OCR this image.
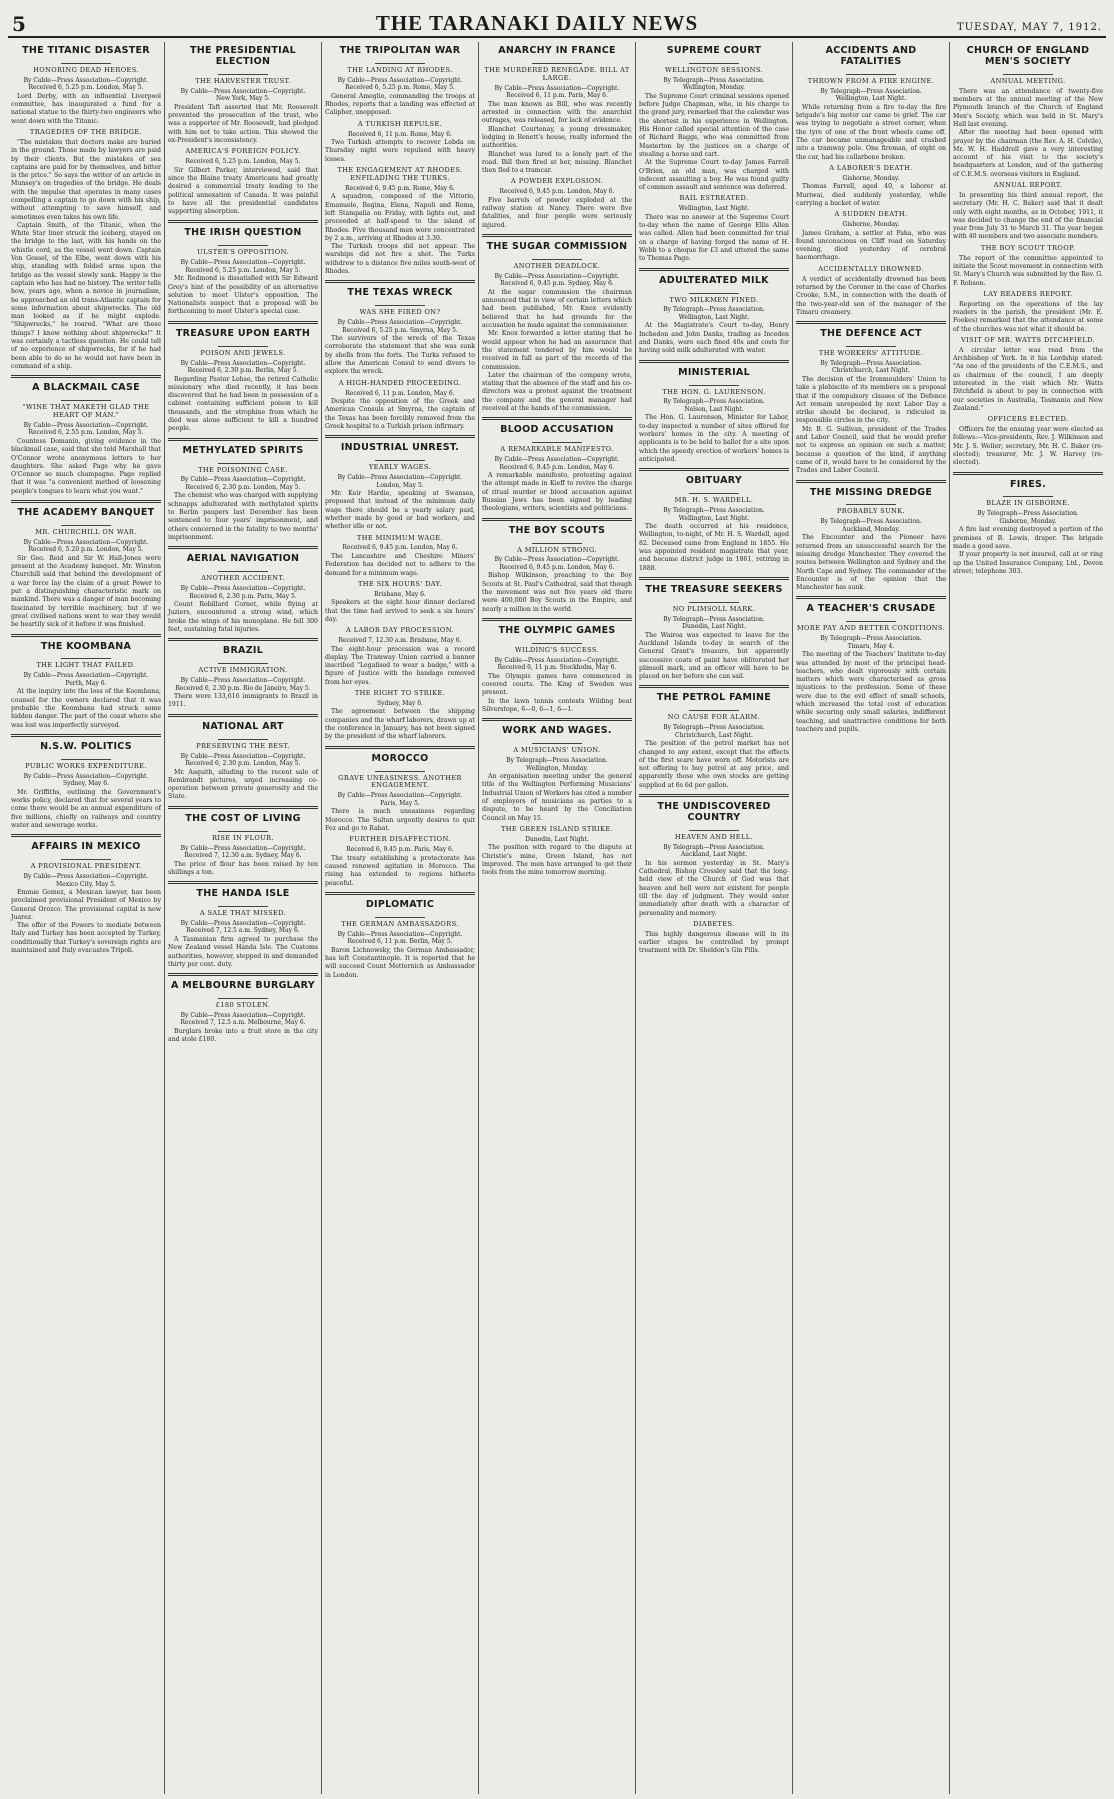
5	THE TARANAKI DAILY NEWS	TUESDAY, MAY 7, 1912.
THE TITANIC DISASTER
HONORING DEAD HEROES.
By Cable—Press Association—Copyright.
Received 6, 5.25 p.m. London, May 5.

Lord Derby, with an influential Liverpool committee, has inaugurated a fund for a national statue to the thirty-two engineers who went down with the Titanic.

TRAGEDIES OF THE BRIDGE.

"The mistakes that doctors make are buried in the ground. Those made by lawyers are paid by their clients. But the mistakes of sea captains are paid for by themselves, and bitter is the price." So says the writer of an article in Munsey's on tragedies of the bridge. He deals with the impulse that operates in many cases compelling a captain to go down with his ship, without attempting to save himself, and sometimes even takes his own life.

Captain Smith, of the Titanic, when the White Star liner struck the iceberg, stayed on the bridge to the last, with his hands on the whistle cord, as the vessel went down. Captain Von Gossel, of the Elbe, went down with his ship, standing with folded arms upon the bridge as the vessel slowly sank. Happy is the captain who has had no history. The writer tells how, years ago, when a novice in journalism, he approached an old trans-Atlantic captain for some information about shipwrecks. The old man looked as if he might explode. "Shipwrecks," he roared. "What are these things? I know nothing about shipwrecks!" It was certainly a tactless question. He could tell of no experience of shipwrecks, for if he had been able to do so he would not have been in command of a ship.

A BLACKMAIL CASE
"WINE THAT MAKETH GLAD THE HEART OF MAN."
By Cable—Press Association—Copyright.
Received 6, 2.55 p.m. London, May 5.

Countess Domanin, giving evidence in the blackmail case, said that she told Marshall that O'Connor wrote anonymous letters to her daughters. She asked Page why he gave O'Connor so much champagne. Page replied that it was "a convenient method of loosening people's tongues to learn what you want."

THE ACADEMY BANQUET
MR. CHURCHILL ON WAR.
By Cable—Press Association—Copyright.
Received 6, 5.20 p.m. London, May 5.

Sir Geo. Reid and Sir W. Hall-Jones were present at the Academy banquet. Mr. Winston Churchill said that behind the development of a war force lay the claim of a great Power to put a distinguishing characteristic mark on mankind. There was a danger of man becoming fascinated by terrible machinery, but if we great civilised nations went to war they would be heartily sick of it before it was finished.

THE KOOMBANA
THE LIGHT THAT FAILED.
By Cable—Press Association—Copyright.
Perth, May 6.

At the inquiry into the loss of the Koombana, counsel for the owners declared that it was probable the Koombana had struck some hidden danger. The part of the coast where she was lost was imperfectly surveyed.

N.S.W. POLITICS
PUBLIC WORKS EXPENDITURE.
By Cable—Press Association—Copyright.
Sydney, May 6.

Mr. Griffiths, outlining the Government's works policy, declared that for several years to come there would be an annual expenditure of five millions, chiefly on railways and country water and sewerage works.

AFFAIRS IN MEXICO
A PROVISIONAL PRESIDENT.
By Cable—Press Association—Copyright.
Mexico City, May 5.

Emmie Gomez, a Mexican lawyer, has been proclaimed provisional President of Mexico by General Orozco. The provisional capital is now Juarez.

The offer of the Powers to mediate between Italy and Turkey has been accepted by Turkey, conditionally that Turkey's sovereign rights are maintained and Italy evacuates Tripoli.

THE PRESIDENTIAL ELECTION
THE HARVESTER TRUST.
By Cable—Press Association—Copyright.
New York, May 5.

President Taft asserted that Mr. Roosevelt prevented the prosecution of the trust, who was a supporter of Mr. Roosevelt, had pledged with him not to take action. This showed the ex-President's inconsistency.

AMERICA'S FOREIGN POLICY.
Received 6, 5.25 p.m. London, May 5.

Sir Gilbert Parker, interviewed, said that since the Blaine treaty Americans had greatly desired a commercial treaty leading to the political annexation of Canada. It was painful to have all the presidential candidates supporting absorption.

THE IRISH QUESTION
ULSTER'S OPPOSITION.
By Cable—Press Association—Copyright.
Received 6, 5.25 p.m. London, May 5.

Mr. Redmond is dissatisfied with Sir Edward Grey's hint of the possibility of an alternative solution to meet Ulster's opposition. The Nationalists suspect that a proposal will be forthcoming to meet Ulster's special case.

TREASURE UPON EARTH
POISON AND JEWELS.
By Cable—Press Association—Copyright.
Received 6, 2.30 p.m. Berlin, May 5.

Regarding Pastor Lohse, the retired Catholic missionary who died recently, it has been discovered that he had been in possession of a cabinet containing sufficient poison to kill thousands, and the strophine from which he died was alone sufficient to kill a hundred people.

METHYLATED SPIRITS
THE POISONING CASE.
By Cable—Press Association—Copyright.
Received 6, 2.30 p.m. London, May 5.

The chemist who was charged with supplying schnapps adulterated with methylated spirits to Berlin paupers last December has been sentenced to four years' imprisonment, and others concerned in the fatality to two months' imprisonment.

AERIAL NAVIGATION
ANOTHER ACCIDENT.
By Cable—Press Association—Copyright.
Received 6, 2.30 p.m. Paris, May 5.

Count Robillard Cornet, while flying at Juziers, encountered a strong wind, which broke the wings of his monoplane. He fell 300 feet, sustaining fatal injuries.

BRAZIL
ACTIVE IMMIGRATION.
By Cable—Press Association—Copyright.
Received 6, 2.30 p.m. Rio de Janeiro, May 5.

There were 133,616 immigrants to Brazil in 1911.

NATIONAL ART
PRESERVING THE BEST.
By Cable—Press Association—Copyright.
Received 6, 2.30 p.m. London, May 5.

Mr. Asquith, alluding to the recent sale of Rembrandt pictures, urged increasing co-operation between private generosity and the State.

THE COST OF LIVING
RISE IN FLOUR.
By Cable—Press Association—Copyright.
Received 7, 12.30 a.m. Sydney, May 6.

The price of flour has been raised by ten shillings a ton.

THE HANDA ISLE
A SALE THAT MISSED.
By Cable—Press Association—Copyright.
Received 7, 12.5 a.m. Sydney, May 6.

A Tasmanian firm agreed to purchase the New Zealand vessel Handa Isle. The Customs authorities, however, stepped in and demanded thirty per cent. duty.

A MELBOURNE BURGLARY
£180 STOLEN.
By Cable—Press Association—Copyright.
Received 7, 12.5 a.m. Melbourne, May 6.

Burglars broke into a fruit store in the city and stole £180.

THE TRIPOLITAN WAR
THE LANDING AT RHODES.
By Cable—Press Association—Copyright.
Received 6, 5.25 p.m. Rome, May 5.

General Ameglio, commanding the troops at Rhodes, reports that a landing was effected at Calipher, unopposed.

A TURKISH REPULSE.
Received 6, 11 p.m. Rome, May 6.

Two Turkish attempts to recover Lebda on Thursday night were repulsed with heavy losses.

THE ENGAGEMENT AT RHODES. ENFILADING THE TURKS.
Received 6, 9.45 p.m. Rome, May 6.

A squadron, composed of the Vittorio, Emanuele, Regina, Elena, Napoli and Roma, left Stampalia on Friday, with lights out, and proceeded at half-speed to the island of Rhodes. Five thousand men were concentrated by 2 a.m., arriving at Rhodes at 3.30.

The Turkish troops did not appear. The warships did not fire a shot. The Turks withdrew to a distance five miles south-west of Rhodes.

THE TEXAS WRECK
WAS SHE FIRED ON?
By Cable—Press Association—Copyright.
Received 6, 5.25 p.m. Smyrna, May 5.

The survivors of the wreck of the Texas corroborate the statement that she was sunk by shells from the forts. The Turks refused to allow the American Consul to send divers to explore the wreck.

A HIGH-HANDED PROCEEDING.
Received 6, 11 p.m. London, May 6.

Despite the opposition of the Greek and American Consuls at Smyrna, the captain of the Texas has been forcibly removed from the Greek hospital to a Turkish prison infirmary.

INDUSTRIAL UNREST.
YEARLY WAGES.
By Cable—Press Association—Copyright.
London, May 5.

Mr. Keir Hardie, speaking at Swansea, proposed that instead of the minimum daily wage there should be a yearly salary paid, whether made by good or bad workers, and whether idle or not.

THE MINIMUM WAGE.
Received 6, 9.45 p.m. London, May 6.

The Lancashire and Cheshire Miners' Federation has decided not to adhere to the demand for a minimum wage.

THE SIX HOURS' DAY.
Brisbane, May 6.

Speakers at the eight hour dinner declared that the time had arrived to seek a six hours' day.

A LABOR DAY PROCESSION.
Received 7, 12.30 a.m. Brisbane, May 6.

The eight-hour procession was a record display. The Tramway Union carried a banner inscribed "Legalised to wear a badge," with a figure of Justice with the bandage removed from her eyes.

THE RIGHT TO STRIKE.
Sydney, May 6.

The agreement between the shipping companies and the wharf laborers, drawn up at the conference in January, has not been signed by the president of the wharf laborers.

MOROCCO
GRAVE UNEASINESS. ANOTHER ENGAGEMENT.
By Cable—Press Association—Copyright.
Paris, May 5.

There is much uneasiness regarding Morocco. The Sultan urgently desires to quit Fez and go to Rabat.

FURTHER DISAFFECTION.
Received 6, 9.45 p.m. Paris, May 6.

The treaty establishing a protectorate has caused renewed agitation in Morocco. The rising has extended to regions hitherto peaceful.

DIPLOMATIC
THE GERMAN AMBASSADORS.
By Cable—Press Association—Copyright.
Received 6, 11 p.m. Berlin, May 5.

Baron Lichnowsky, the German Ambassador, has left Constantinople. It is reported that he will succeed Count Metternich as Ambassador in London.

ANARCHY IN FRANCE
THE MURDERED RENEGADE. BILL AT LARGE.
By Cable—Press Association—Copyright.
Received 6, 11 p.m. Paris, May 6.

The man known as Bill, who was recently arrested in connection with the anarchist outrages, was released, for lack of evidence.

Blanchet Courtenay, a young dressmaker, lodging in Renett's house, really informed the authorities.

Blanchet was lured to a lonely part of the road. Bill then fired at her, missing. Blanchet then fled to a tramcar.

A POWDER EXPLOSION.
Received 6, 9.45 p.m. London, May 6.

Five barrels of powder exploded at the railway station at Nancy. There were five fatalities, and four people were seriously injured.

THE SUGAR COMMISSION
ANOTHER DEADLOCK.
By Cable—Press Association—Copyright.
Received 6, 9.45 p.m. Sydney, May 6.

At the sugar commission the chairman announced that in view of certain letters which had been published, Mr. Knox evidently believed that he had grounds for the accusation he made against the commissioner.

Mr. Knox forwarded a letter stating that he would appear when he had an assurance that the statement tendered by him would be received in full as part of the records of the commission.

Later the chairman of the company wrote, stating that the absence of the staff and his co-directors was a protest against the treatment the company and the general manager had received at the hands of the commission.

BLOOD ACCUSATION
A REMARKABLE MANIFESTO.
By Cable—Press Association—Copyright.
Received 6, 9.45 p.m. London, May 6.

A remarkable manifesto, protesting against the attempt made in Kieff to revive the charge of ritual murder or blood accusation against Russian Jews has been signed by leading theologians, writers, scientists and politicians.

THE BOY SCOUTS
A MILLION STRONG.
By Cable—Press Association—Copyright.
Received 6, 9.45 p.m. London, May 6.

Bishop Wilkinson, preaching to the Boy Scouts at St. Paul's Cathedral, said that though the movement was not five years old there were 400,000 Boy Scouts in the Empire, and nearly a million in the world.

THE OLYMPIC GAMES
WILDING'S SUCCESS.
By Cable—Press Association—Copyright.
Received 6, 11 p.m. Stockholm, May 6.

The Olympic games have commenced in covered courts. The King of Sweden was present.

In the lawn tennis contests Wilding beat Silverstope, 6—0, 6—1, 6—1.

WORK AND WAGES.
A MUSICIANS' UNION.
By Telegraph—Press Association.
Wellington, Monday.

An organisation meeting under the general title of the Wellington Performing Musicians' Industrial Union of Workers has cited a number of employers of musicians as parties to a dispute, to be heard by the Conciliation Council on May 15.

THE GREEN ISLAND STRIKE.
Dunedin, Last Night.

The position with regard to the dispute at Christie's mine, Green Island, has not improved. The men have arranged to get their tools from the mine tomorrow morning.

SUPREME COURT
WELLINGTON SESSIONS.
By Telegraph—Press Association.
Wellington, Monday.

The Supreme Court criminal sessions opened before Judge Chapman, who, in his charge to the grand jury, remarked that the calendar was the shortest in his experience in Wellington. His Honor called special attention of the case of Richard Baggs, who was committed from Masterton by the justices on a charge of stealing a horse and cart.

At the Supreme Court to-day James Farrell O'Brien, an old man, was charged with indecent assaulting a boy. He was found guilty of common assault and sentence was deferred.

BAIL ESTREATED.
Wellington, Last Night.

There was no answer at the Supreme Court to-day when the name of George Ellis Allen was called. Allen had been committed for trial on a charge of having forged the name of H. Webb to a cheque for £3 and uttered the same to Thomas Page.

ADULTERATED MILK
TWO MILKMEN FINED.
By Telegraph—Press Association.
Wellington, Last Night.

At the Magistrate's Court to-day, Henry Inchedon and John Danks, trading as Inceden and Danks, were each fined 40s and costs for having sold milk adulterated with water.

MINISTERIAL
THE HON. G. LAURENSON.
By Telegraph—Press Association.
Nelson, Last Night.

The Hon. G. Laurenson, Minister for Labor, to-day inspected a number of sites offered for workers' homes in the city. A meeting of applicants is to be held to ballot for a site upon which the speedy erection of workers' homes is anticipated.

OBITUARY
MR. H. S. WARDELL.
By Telegraph—Press Association.
Wellington, Last Night.

The death occurred at his residence, Wellington, to-night, of Mr. H. S. Wardell, aged 82. Deceased came from England in 1855. He was appointed resident magistrate that year, and became district judge in 1861, retiring in 1888.

THE TREASURE SEEKERS
NO PLIMSOLL MARK.
By Telegraph—Press Association.
Dunedin, Last Night.

The Wairoa was expected to leave for the Auckland Islands to-day in search of the General Grant's treasure, but apparently successive coats of paint have obliterated her plimsoll mark, and an officer will have to be placed on her before she can sail.

THE PETROL FAMINE
NO CAUSE FOR ALARM.
By Telegraph—Press Association.
Christchurch, Last Night.

The position of the petrol market has not changed to any extent, except that the effects of the first scare have worn off. Motorists are not offering to buy petrol at any price, and apparently those who own stocks are getting supplied at 6s 6d per gallon.

THE UNDISCOVERED COUNTRY
HEAVEN AND HELL.
By Telegraph—Press Association.
Auckland, Last Night.

In his sermon yesterday in St. Mary's Cathedral, Bishop Crossley said that the long-held view of the Church of God was that heaven and hell were not existent for people till the day of judgment. They would enter immediately after death with a character of personality and memory.

DIABETES.

This highly dangerous disease will in its earlier stages be controlled by prompt treatment with Dr. Sheldon's Gin Pills.

ACCIDENTS AND FATALITIES
THROWN FROM A FIRE ENGINE.
By Telegraph—Press Association.
Wellington, Last Night.

While returning from a fire to-day the fire brigade's big motor car came to grief. The car was trying to negotiate a street corner, when the tyre of one of the front wheels came off. The car became unmanageable and crashed into a tramway pole. One fireman, of eight on the car, had his collarbone broken.

A LABORER'S DEATH.
Gisborne, Monday.

Thomas Farrell, aged 40, a laborer at Muriwai, died suddenly yesterday, while carrying a bucket of water.

A SUDDEN DEATH.
Gisborne, Monday.

James Graham, a settler at Paha, who was found unconscious on Cliff road on Saturday evening, died yesterday of cerebral haemorrhage.

ACCIDENTALLY DROWNED.

A verdict of accidentally drowned has been returned by the Coroner in the case of Charles Crooke, S.M., in connection with the death of the two-year-old son of the manager of the Timaru creamery.

THE DEFENCE ACT
THE WORKERS' ATTITUDE.
By Telegraph—Press Association.
Christchurch, Last Night.

The decision of the Ironmoulders' Union to take a plebiscite of its members on a proposal that if the compulsory clauses of the Defence Act remain unrepealed by next Labor Day a strike should be declared, is ridiculed in responsible circles in the city.

Mr. B. G. Sullivan, president of the Trades and Labor Council, said that he would prefer not to express an opinion on such a matter, because a question of the kind, if anything came of it, would have to be considered by the Trades and Labor Council.

THE MISSING DREDGE
PROBABLY SUNK.
By Telegraph—Press Association.
Auckland, Monday.

The Encounter and the Pioneer have returned from an unsuccessful search for the missing dredge Manchester. They covered the routes between Wellington and Sydney and the North Cape and Sydney. The commander of the Encounter is of the opinion that the Manchester has sunk.

A TEACHER'S CRUSADE
MORE PAY AND BETTER CONDITIONS.
By Telegraph—Press Association.
Timaru, May 4.

The meeting of the Teachers' Institute to-day was attended by most of the principal head-teachers, who dealt vigorously with certain matters which were characterised as gross injustices to the profession. Some of these were due to the evil effect of small schools, which increased the total cost of education while securing only small salaries, indifferent teaching, and unattractive conditions for both teachers and pupils.

CHURCH OF ENGLAND MEN'S SOCIETY
ANNUAL MEETING.

There was an attendance of twenty-five members at the annual meeting of the New Plymouth branch of the Church of England Men's Society, which was held in St. Mary's Hall last evening.

After the meeting had been opened with prayer by the chairman (the Rev. A. H. Colvile), Mr. W. H. Haddrell gave a very interesting account of his visit to the society's headquarters at London, and of the gathering of C.E.M.S. overseas visitors in England.

ANNUAL REPORT.

In presenting his third annual report, the secretary (Mr. H. C. Baker) said that it dealt only with eight months, as in October, 1911, it was decided to change the end of the financial year from July 31 to March 31. The year began with 40 members and two associate members.

THE BOY SCOUT TROOP.

The report of the committee appointed to initiate the Scout movement in connection with St. Mary's Church was submitted by the Rev. G. F. Robson.

LAY READERS REPORT.

Reporting on the operations of the lay readers in the parish, the president (Mr. E. Fookes) remarked that the attendance at some of the churches was not what it should be.

VISIT OF MR. WATTS DITCHFIELD.

A circular letter was read from the Archbishop of York. In it his Lordship stated: "As one of the presidents of the C.E.M.S., and as chairman of the council, I am deeply interested in the visit which Mr. Watts Ditchfield is about to pay in connection with our societies in Australia, Tasmania and New Zealand."

OFFICERS ELECTED.

Officers for the ensuing year were elected as follows:—Vice-presidents, Rev. J. Wilkinson and Mr. J. S. Weller; secretary, Mr. H. C. Baker (re-elected); treasurer, Mr. J. W. Harvey (re-elected).

FIRES.
BLAZE IN GISBORNE.
By Telegraph—Press Association.
Gisborne, Monday.

A fire last evening destroyed a portion of the premises of B. Lewis, draper. The brigade made a good save.

If your property is not insured, call at or ring up the United Insurance Company, Ltd., Devon street; telephone 303.
